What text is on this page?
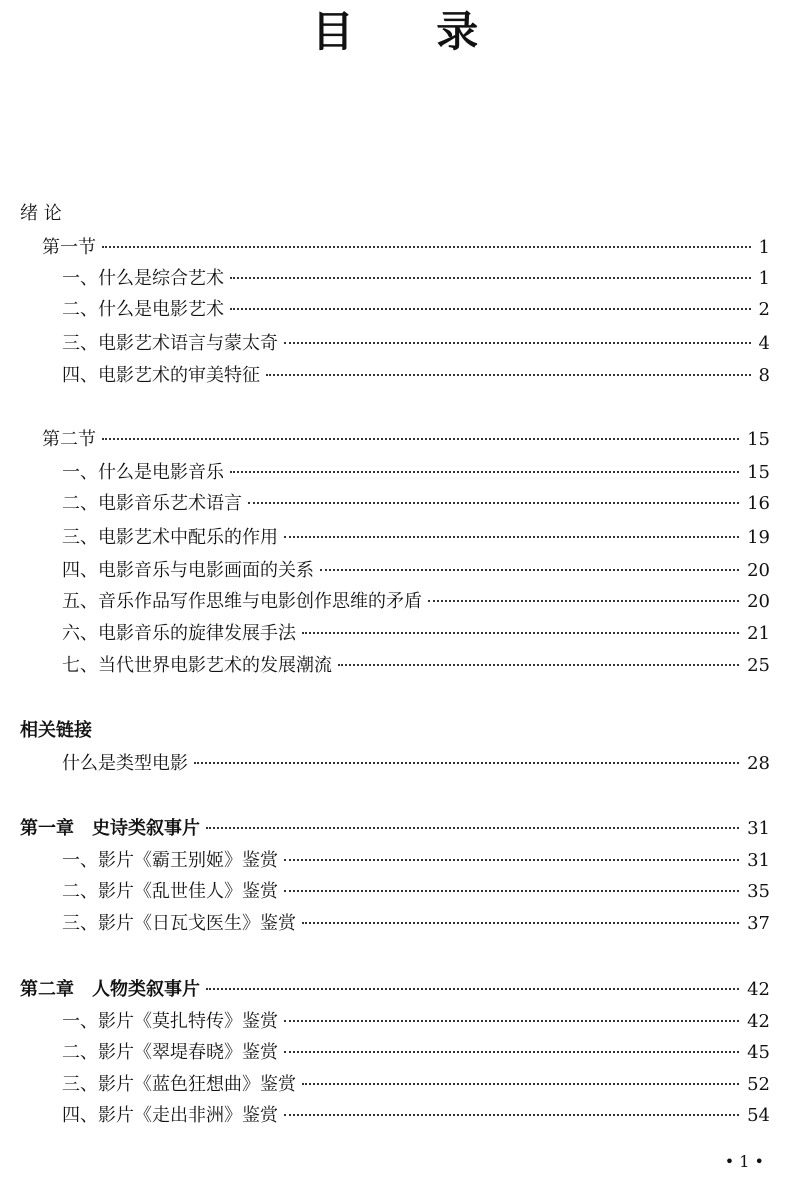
目 录
绪 论
第一节	1
一、什么是综合艺术	1
二、什么是电影艺术	2
三、电影艺术语言与蒙太奇	4
四、电影艺术的审美特征	8
第二节	15
一、什么是电影音乐	15
二、电影音乐艺术语言	16
三、电影艺术中配乐的作用	19
四、电影音乐与电影画面的关系	20
五、音乐作品写作思维与电影创作思维的矛盾	20
六、电影音乐的旋律发展手法	21
七、当代世界电影艺术的发展潮流	25
相关链接
什么是类型电影	28
第一章　史诗类叙事片	31
一、影片《霸王别姬》鉴赏	31
二、影片《乱世佳人》鉴赏	35
三、影片《日瓦戈医生》鉴赏	37
第二章　人物类叙事片	42
一、影片《莫扎特传》鉴赏	42
二、影片《翠堤春晓》鉴赏	45
三、影片《蓝色狂想曲》鉴赏	52
四、影片《走出非洲》鉴赏	54
• 1 •
